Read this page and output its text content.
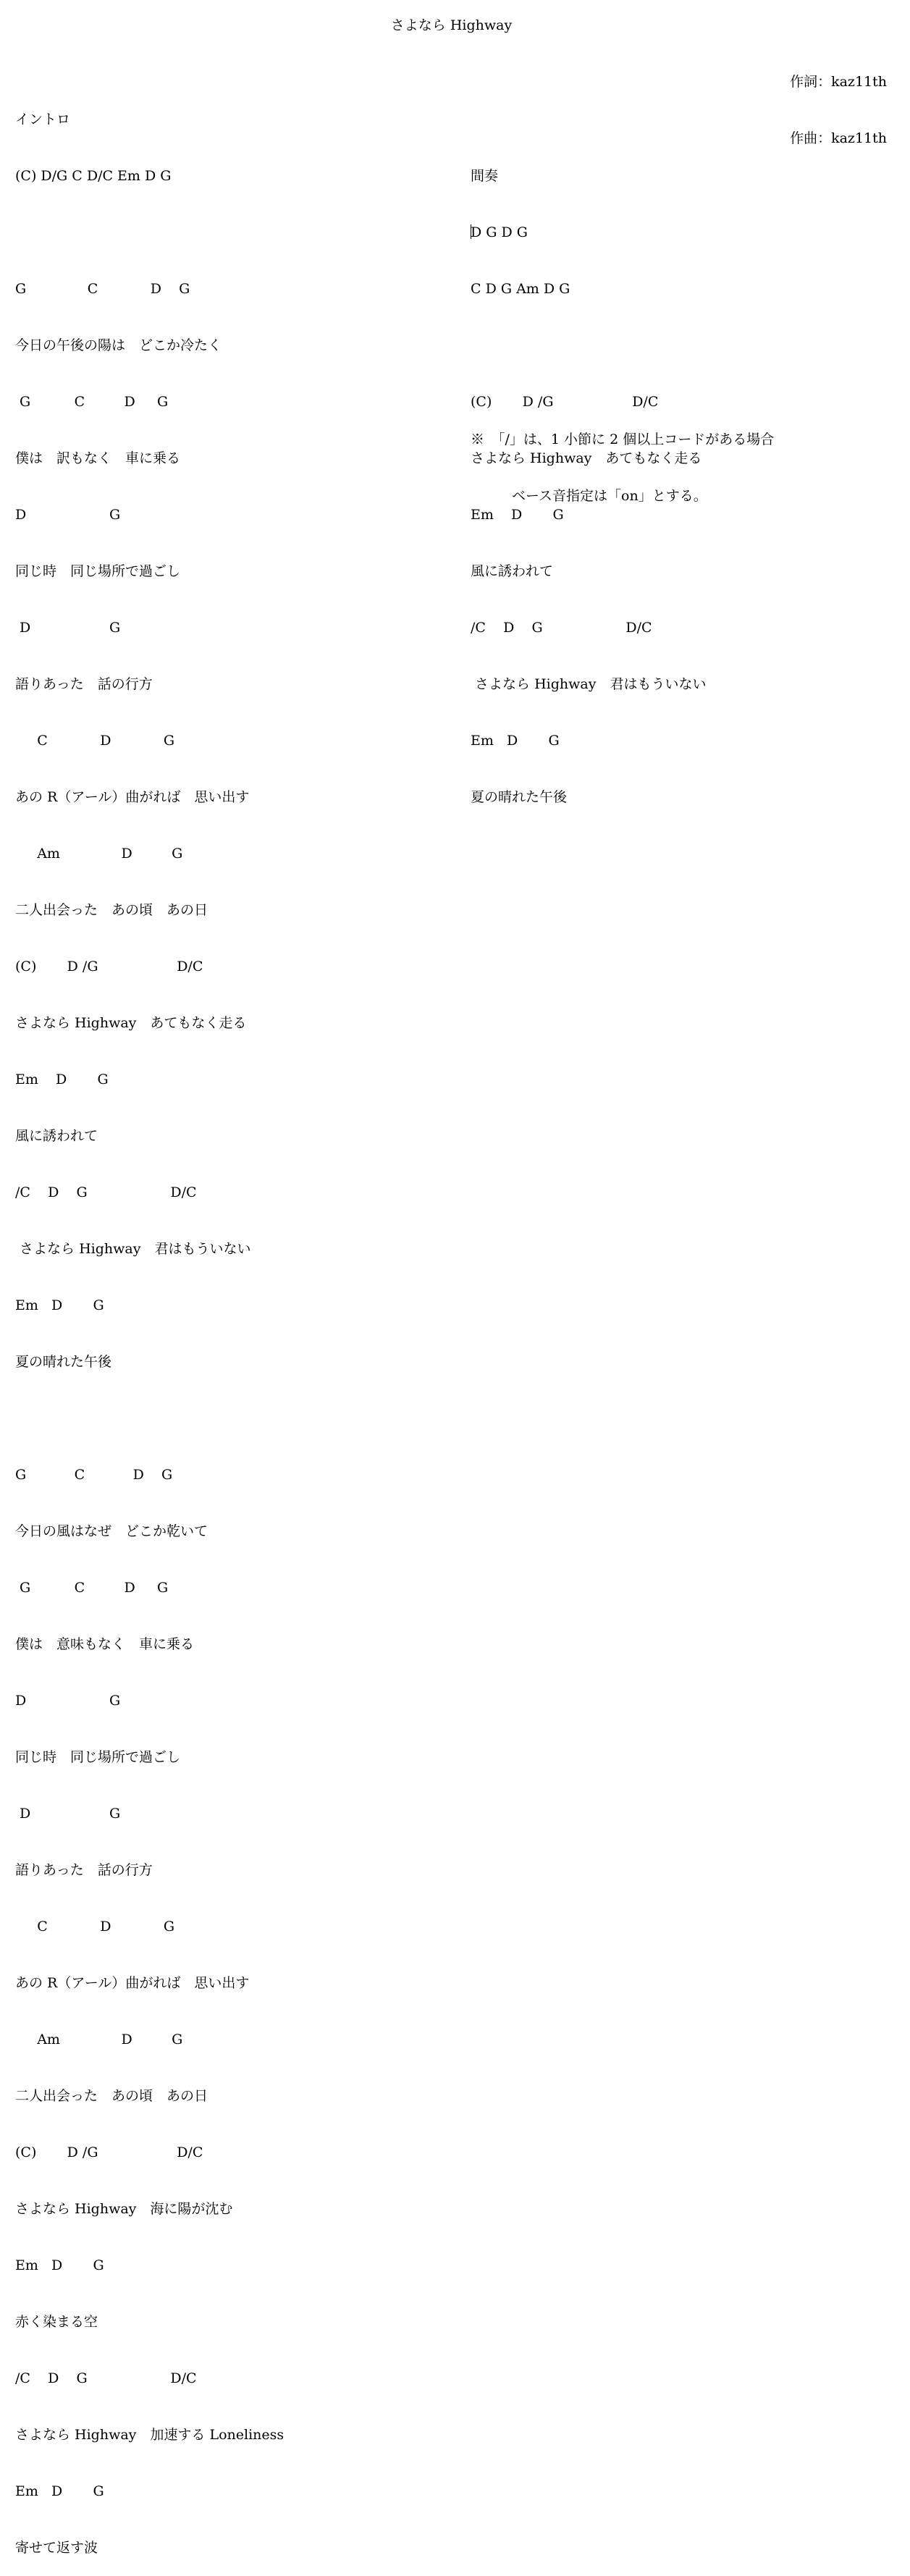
さよなら Highway

作詞：kaz11th

作曲：kaz11th

イントロ

(C) D/G C D/C Em D G

G              C            D    G

今日の午後の陽は　どこか冷たく

G          C         D     G

僕は　訳もなく　車に乗る

D                   G

同じ時　同じ場所で過ごし

D                  G

語りあった　話の行方

C            D            G

あの R（アール）曲がれば　思い出す

Am              D         G

二人出会った　あの頃　あの日

(C)       D /G                  D/C

さよなら Highway　あてもなく走る

Em    D       G

風に誘われて

/C    D    G                   D/C

さよなら Highway　君はもういない

Em   D       G

夏の晴れた午後

G           C           D    G

今日の風はなぜ　どこか乾いて

G          C         D     G

僕は　意味もなく　車に乗る

D                   G

同じ時　同じ場所で過ごし

D                  G

語りあった　話の行方

C            D            G

あの R（アール）曲がれば　思い出す

Am              D         G

二人出会った　あの頃　あの日

(C)       D /G                  D/C

さよなら Highway　海に陽が沈む

Em   D       G

赤く染まる空

/C    D    G                   D/C

さよなら Highway　加速する Loneliness

Em   D       G

寄せて返す波

間奏

D G D G

C D G Am D G

(C)       D /G                  D/C

さよなら Highway　あてもなく走る

Em    D       G

風に誘われて

/C    D    G                   D/C

さよなら Highway　君はもういない

Em   D       G

夏の晴れた午後

※　「/」は、1 小節に 2 個以上コードがある場合

　　　ベース音指定は「on」とする。
